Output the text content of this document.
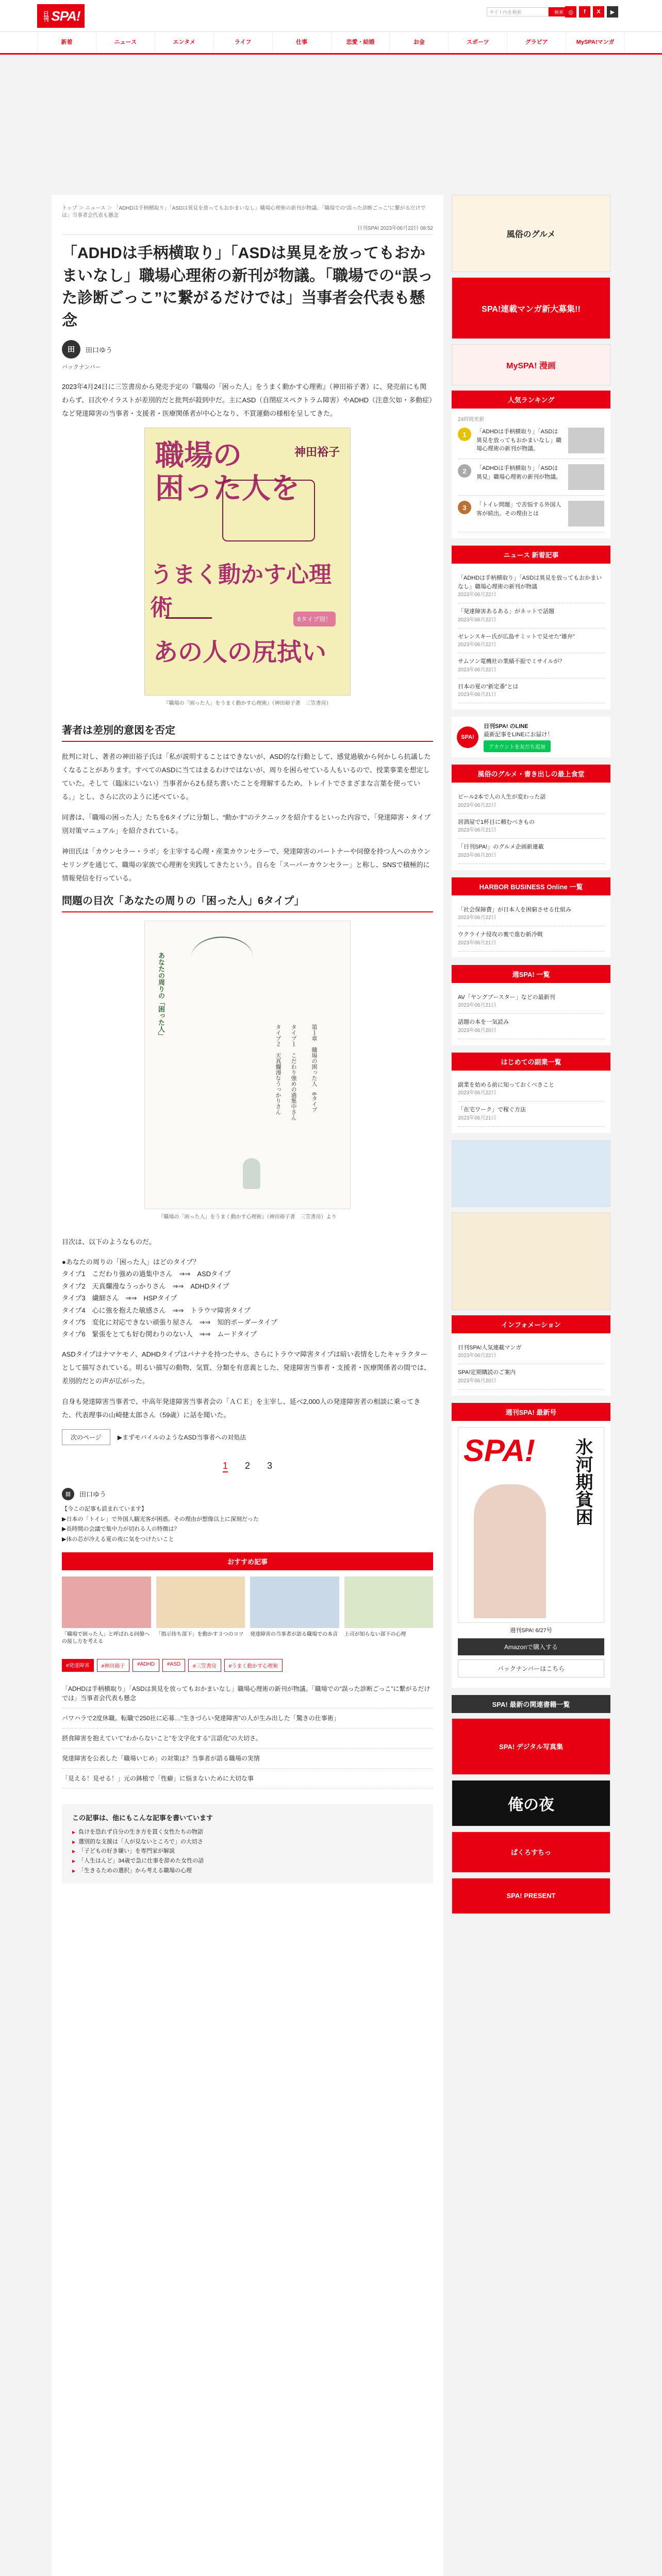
日刊 SPA!	サイト内を検索	検索 ◎	f	X	▶
新着	ニュース	エンタメ	ライフ	仕事	恋愛・結婚	お金	スポーツ	グラビア	MySPA!マンガ
トップ ＞ ニュース ＞ 「ADHDは手柄横取り」「ASDは異見を放ってもおかまいなし」職場心理術の新刊が物議。「職場での“誤った診断ごっこ”に繋がるだけでは」当事者会代表も懸念
日刊SPA! 2023年06月22日 08:52
「ADHDは手柄横取り」「ASDは異見を放ってもおかまいなし」職場心理術の新刊が物議。「職場での“誤った診断ごっこ”に繋がるだけでは」当事者会代表も懸念
田	田口ゆう
バックナンバー

2023年4月24日に三笠書房から発売予定の『職場の「困った人」をうまく動かす心理術』（神田裕子著）に、発売前にも関わらず、目次やイラストが差別的だと批判が殺到中だ。主にASD（自閉症スペクトラム障害）やADHD（注意欠如・多動症）など発達障害の当事者・支援者・医療関係者が中心となり、不買運動の様相を呈してきた。

職場の
困った人を
神田裕子
うまく動かす心理術	6タイプ別！
あの人の尻拭い
『職場の「困った人」をうまく動かす心理術』（神田裕子著　三笠書房）
著者は差別的意図を否定

批判に対し、著者の神田裕子氏は「私が説明することはできないが、ASD的な行動として、感覚過敏から何かしら抗議したくなることがあります。すべてのASDに当てはまるわけではないが、周りを困らせている人もいるので、授業事業を想定していた。そして（臨床にいない）当事者から2も経ち書いたことを理解するため、トレイトでさまざまな言葉を使っている。」とし、さらに次のように述べている。

同書は、「職場の困った人」たちを6タイプに分類し、“動かす”のテクニックを紹介するといった内容で、「発達障害・タイプ別対策マニュアル」を紹介されている。

神田氏は「カウンセラー・ラボ」を主宰する心理・産業カウンセラーで、発達障害のパートナーや同僚を持つ人へのカウンセリングを通じて、職場の家族で心理術を実践してきたという。自らを「スーパーカウンセラー」と称し、SNSで積極的に情報発信を行っている。

問題の目次「あなたの周りの「困った人」6タイプ」
あなたの周りの「困った人」
第１章　職場の困った人　6タイプ
タイプ１　こだわり強めの過集中さん
タイプ２　天真爛漫なうっかりさん
『職場の「困った人」をうまく動かす心理術』（神田裕子著　三笠書房）より

目次は、以下のようなものだ。

●あなたの周りの「困った人」はどのタイプ？
タイプ1　こだわり強めの過集中さん　⇒⇒　ASDタイプ
タイプ2　天真爛漫なうっかりさん　⇒⇒　ADHDタイプ
タイプ3　繊細さん　⇒⇒　HSPタイプ
タイプ4　心に強を抱えた敏感さん　⇒⇒　トラウマ障害タイプ
タイプ5　変化に対応できない頑張り屋さん　⇒⇒　知的ボーダータイプ
タイプ6　緊張をとても好む関わりのない人　⇒⇒　ムードタイプ

ASDタイプはナマケモノ、ADHDタイプはバナナを持つたサル、さらにトラウマ障害タイプは暗い表情をしたキャラクターとして描写されている。明るい描写の動物、気質、分類を有意義とした、発達障害当事者・支援者・医療関係者の間では、差別的だとの声が広がった。

自身も発達障害当事者で、中高年発達障害当事者会の「ＡＣＥ」を主宰し、延べ2,000人の発達障害者の相談に乗ってきた、代表理事の山崎健太郎さん（59歳）に話を聞いた。

次のページ	▶まずモバイルのようなASD当事者への対処法
1 2 3
田	田口ゆう
【今この記事も読まれています】
▶日本の「トイレ」で外国人観光客が困惑。その理由が想像以上に深刻だった
▶長時間の会議で集中力が切れる人の特徴は？
▶体の芯が冷える夏の夜に気をつけたいこと
おすすめ記事
「職場で困った人」と呼ばれる同僚への接し方を考える
「指示待ち部下」を動かす３つのコツ 発達障害の当事者が語る職場での本音 上司が知らない部下の心理
#発達障害	#神田裕子	#ADHD	#ASD	#三笠書房	#うまく動かす心理術
「ADHDは手柄横取り」「ASDは異見を放ってもおかまいなし」職場心理術の新刊が物議。「職場での“誤った診断ごっこ”に繋がるだけでは」当事者会代表も懸念
パワハラで2度休職。転職で250社に応募…“生きづらい発達障害”の人が生み出した「驚きの仕事術」
摂食障害を抱えていて“わからないこと”を文字化する“言語化”の大切さ。
発達障害を公表した「職場いじめ」の対策は？当事者が語る職場の実情
「見える！見せる！」元の鉢植で「性癖」に悩まないために大切な事
この記事は、他にもこんな記事を書いています
▶ 負けを恐れず自分の生き方を貫く女性たちの物語
▶ 選別的な支援は「人が見ないところで」の大切さ
▶ 「子どもの好き嫌い」を専門家が解説
▶ 「人生はんど」34歳で急に仕事を辞めた女性の話
▶ 「生きるための選択」から考える職場の心理
風俗のグルメ
SPA!連載マンガ新大募集!!
MySPA! 漫画
人気ランキング
24時間更新
1	「ADHDは手柄横取り」「ASDは異見を放ってもおかまいなし」職場心理術の新刊が物議。
2	「ADHDは手柄横取り」「ASDは異見」職場心理術の新刊が物議。
3	「トイレ問題」で苦悩する外国人客が続出。その理由とは
ニュース 新着記事
「ADHDは手柄横取り」「ASDは異見を放ってもおかまいなし」職場心理術の新刊が物議
2023年06月22日
「発達障害あるある」がネットで話題
2023年06月22日
ゼレンスキー氏が広島サミットで見せた“雄弁”
2023年06月22日
サムソン電機社の業績不振でミサイルが？
2023年06月22日
日本の夏の“新定番”とは
2023年06月21日
SPA!
日刊SPA! のLINE
最新記事をLINEにお届け！
アカウントを友だち追加
風俗のグルメ・書き出しの最上食堂
ビール2本で人の人生が変わった話
2023年06月22日
居酒屋で1杯目に頼むべきもの
2023年06月21日
「日刊SPA!」のグルメ企画新連載
2023年06月20日
HARBOR BUSINESS Online 一覧
「社会保障費」が日本人を困窮させる仕組み
2023年06月22日
ウクライナ侵攻の裏で進む新冷戦
2023年06月21日
週SPA! 一覧
AV「ヤングブースター」などの最新刊
2023年06月21日
話題の本を一気読み
2023年06月20日
はじめての副業一覧
副業を始める前に知っておくべきこと
2023年06月22日
「在宅ワーク」で稼ぐ方法
2023年06月21日
インフォメーション
日刊SPA!人気連載マンガ
2023年06月22日
SPA!定期購読のご案内
2023年06月20日
週刊SPA! 最新号
SPA! 氷河期貧困
週刊SPA! 6/27号
Amazonで購入する
バックナンバーはこちら
SPA! 最新の関連書籍一覧
SPA! デジタル写真集
俺の夜
ぱくろすちっ
SPA! PRESENT
